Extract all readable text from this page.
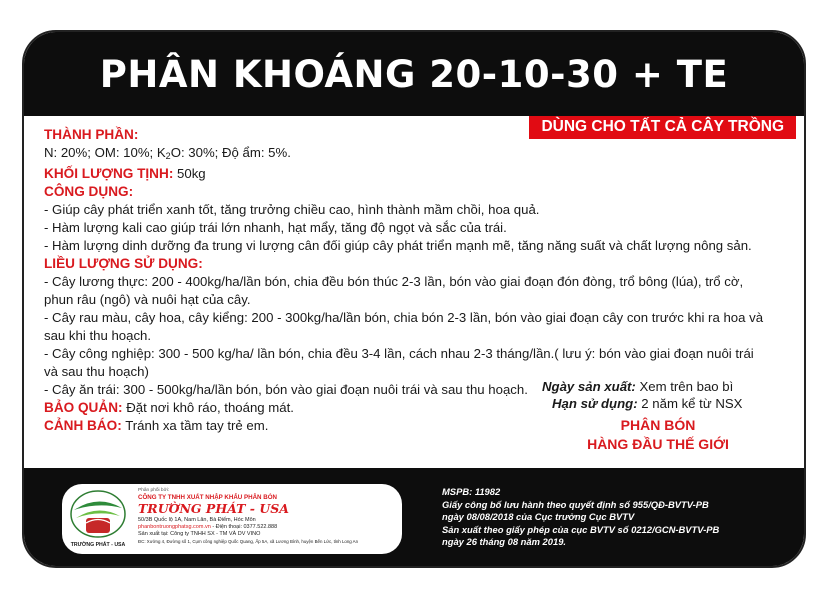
PHÂN KHOÁNG 20-10-30 + TE
DÙNG CHO TẤT CẢ CÂY TRỒNG
THÀNH PHẦN:
N: 20%; OM: 10%; $K_2O$: 30%; Độ ẩm: 5%.
KHỐI LƯỢNG TỊNH: 50kg
CÔNG DỤNG:
- Giúp cây phát triển xanh tốt, tăng trưởng chiều cao, hình thành mầm chồi, hoa quả.
- Hàm lượng kali cao giúp trái lớn nhanh, hạt mẩy, tăng độ ngọt và sắc của trái.
- Hàm lượng dinh dưỡng đa trung vi lượng cân đối giúp cây phát triển mạnh mẽ, tăng năng suất và chất lượng nông sản.
LIỀU LƯỢNG SỬ DỤNG:
- Cây lương thực: 200 - 400kg/ha/lần bón, chia đều bón thúc 2-3 lần, bón vào giai đoạn đón đòng, trổ bông (lúa), trổ cờ,
phun râu (ngô) và nuôi hạt của cây.
- Cây rau màu, cây hoa, cây kiểng: 200 - 300kg/ha/lần bón, chia bón 2-3 lần, bón vào giai đoạn cây con trước khi ra hoa và
sau khi thu hoạch.
- Cây công nghiệp: 300 - 500 kg/ha/ lần bón, chia đều 3-4 lần, cách nhau 2-3 tháng/lần.( lưu ý: bón vào giai đoạn nuôi trái
và sau thu hoạch)
- Cây ăn trái: 300 - 500kg/ha/lần bón, bón vào giai đoạn nuôi trái và sau thu hoạch.
BẢO QUẢN: Đặt nơi khô ráo, thoáng mát.
CẢNH BÁO: Tránh xa tầm tay trẻ em.
Ngày sản xuất: Xem trên bao bì
Hạn sử dụng: 2 năm kể từ NSX
PHÂN BÓN
HÀNG ĐẦU THẾ GIỚI
TRƯỜNG PHÁT - USA
Phân phối bởi:
CÔNG TY TNHH XUẤT NHẬP KHẨU PHÂN BÓN
TRƯỜNG PHÁT - USA
50/3B Quốc lộ 1A, Nam Lân, Bà Điểm, Hóc Môn
phanbontruongphatsg.com.vn - Điện thoại: 0377.522.888
Sản xuất tại: Công ty TNHH SX - TM VÀ DV VINO
ĐC: Xưởng 4, Đường số 1, Cụm công nghiệp Quốc Quang, Ấp 5A, xã Lương Bình, huyện Bến Lức, tỉnh Long An
MSPB: 11982
Giấy công bố lưu hành theo quyết định số 955/QĐ-BVTV-PB
ngày 08/08/2018 của Cục trưởng Cục BVTV
Sản xuất theo giấy phép của cục BVTV số 0212/GCN-BVTV-PB
ngày 26 tháng 08 năm 2019.
